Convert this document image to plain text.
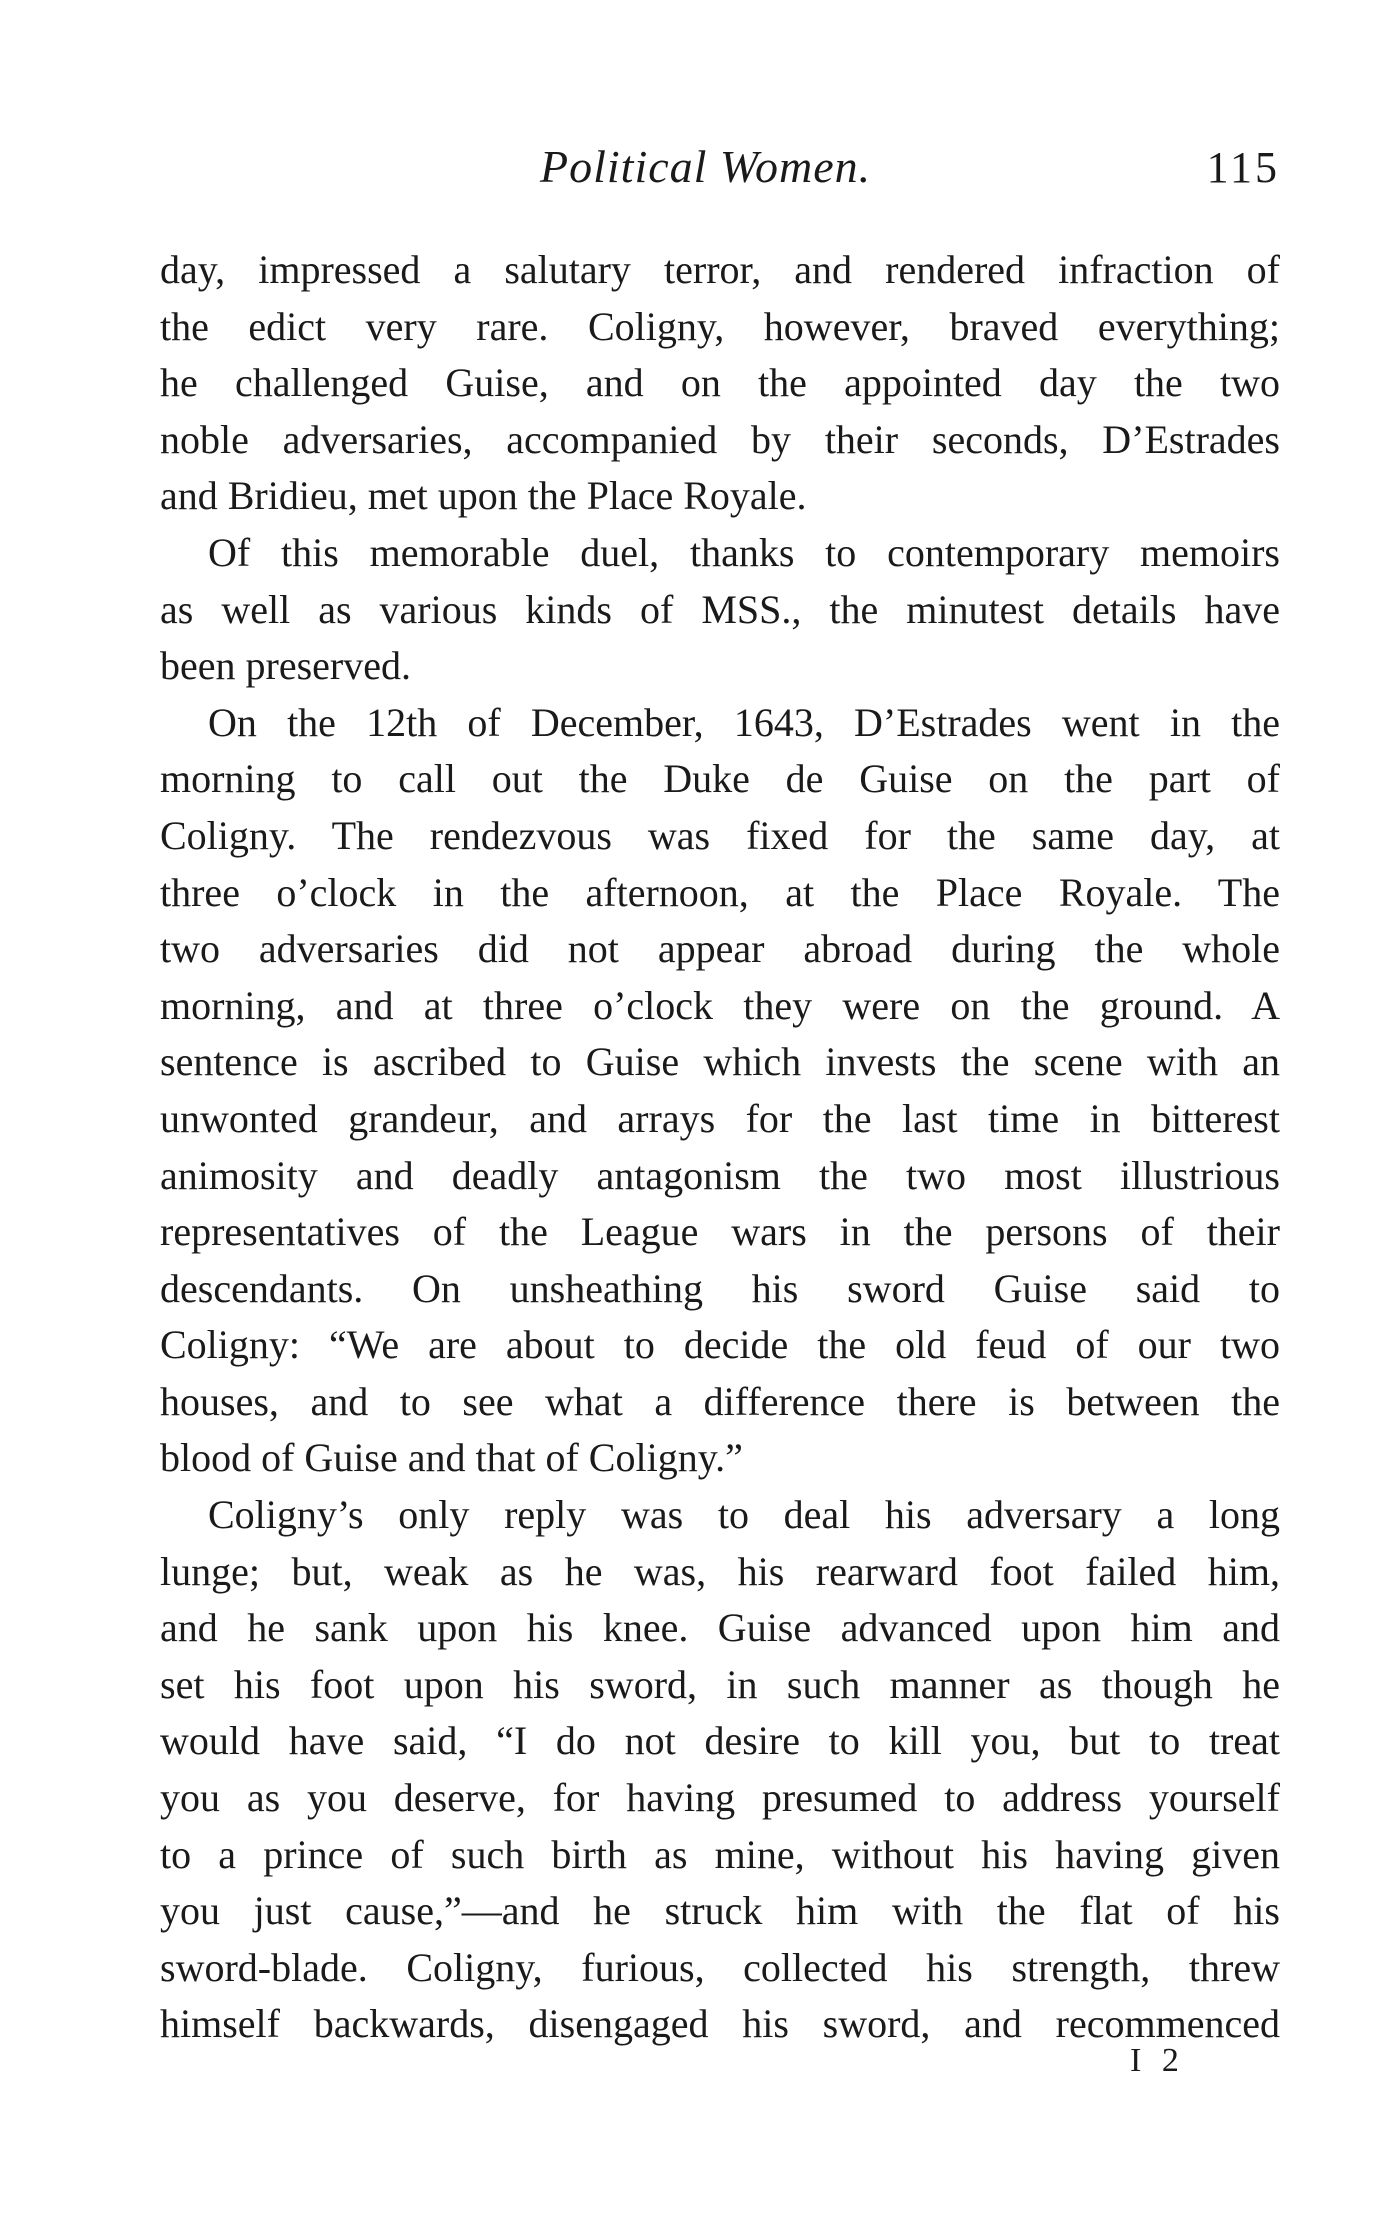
Political Women.	115
day, impressed a salutary terror, and rendered infraction of
the edict very rare. Coligny, however, braved everything;
he challenged Guise, and on the appointed day the two
noble adversaries, accompanied by their seconds, D’Estrades
and Bridieu, met upon the Place Royale.
Of this memorable duel, thanks to contemporary memoirs
as well as various kinds of MSS., the minutest details have
been preserved.
On the 12th of December, 1643, D’Estrades went in the
morning to call out the Duke de Guise on the part of
Coligny. The rendezvous was fixed for the same day, at
three o’clock in the afternoon, at the Place Royale. The
two adversaries did not appear abroad during the whole
morning, and at three o’clock they were on the ground. A
sentence is ascribed to Guise which invests the scene with an
unwonted grandeur, and arrays for the last time in bitterest
animosity and deadly antagonism the two most illustrious
representatives of the League wars in the persons of their
descendants. On unsheathing his sword Guise said to
Coligny: “We are about to decide the old feud of our two
houses, and to see what a difference there is between the
blood of Guise and that of Coligny.”
Coligny’s only reply was to deal his adversary a long
lunge; but, weak as he was, his rearward foot failed him,
and he sank upon his knee. Guise advanced upon him and
set his foot upon his sword, in such manner as though he
would have said, “I do not desire to kill you, but to treat
you as you deserve, for having presumed to address yourself
to a prince of such birth as mine, without his having given
you just cause,”—and he struck him with the flat of his
sword-blade. Coligny, furious, collected his strength, threw
himself backwards, disengaged his sword, and recommenced
I 2
